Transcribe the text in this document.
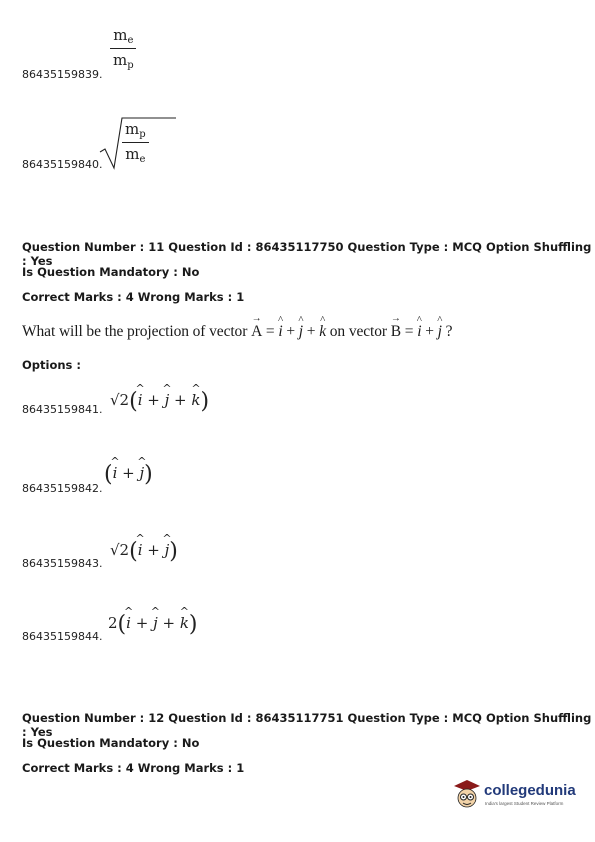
$\frac{m_e}{m_p}$
86435159839.
$\frac{m_p}{m_e}$
86435159840.
Question Number : 11 Question Id : 86435117750 Question Type : MCQ Option Shuffling : Yes
Is Question Mandatory : No
Correct Marks : 4 Wrong Marks : 1
What will be the projection of vector → A = ^ i + ^ j + ^ k on vector → B = ^ i + ^ j ?
Options :
86435159841.
√2(^ i + ^ j + ^ k)
86435159842.
(^ i + ^ j)
86435159843.
√2(^ i + ^ j)
86435159844.
2(^ i + ^ j + ^ k)
Question Number : 12 Question Id : 86435117751 Question Type : MCQ Option Shuffling : Yes
Is Question Mandatory : No
Correct Marks : 4 Wrong Marks : 1
collegedunia
India's largest Student Review Platform
